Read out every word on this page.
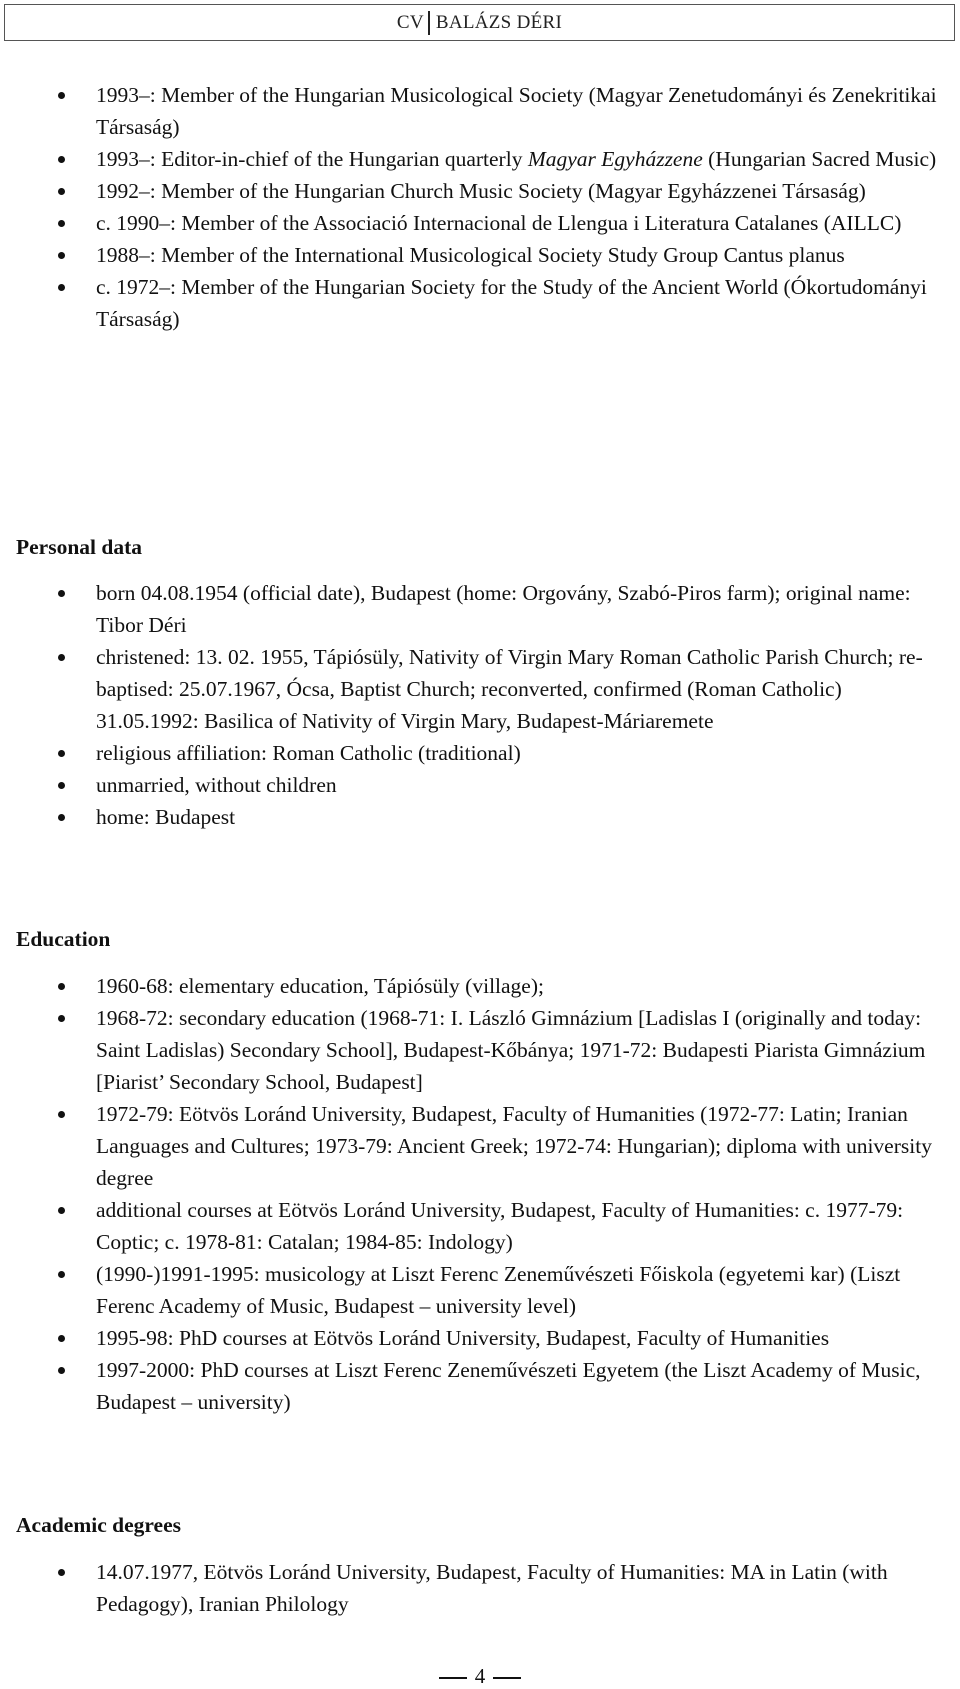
CV BALÁZS DÉRI
1993–: Member of the Hungarian Musicological Society (Magyar Zenetudományi és Zenekritikai Társaság)
1993–: Editor-in-chief of the Hungarian quarterly Magyar Egyházzene (Hungarian Sacred Music)
1992–: Member of the Hungarian Church Music Society (Magyar Egyházzenei Társaság)
c. 1990–: Member of the Associació Internacional de Llengua i Literatura Catalanes (AILLC)
1988–: Member of the International Musicological Society Study Group Cantus planus
c. 1972–: Member of the Hungarian Society for the Study of the Ancient World (Ókortudományi Társaság)
Personal data
born 04.08.1954 (official date), Budapest (home: Orgovány, Szabó-Piros farm); original name: Tibor Déri
christened: 13. 02. 1955, Tápiósüly, Nativity of Virgin Mary Roman Catholic Parish Church; re-baptised: 25.07.1967, Ócsa, Baptist Church; reconverted, confirmed (Roman Catholic) 31.05.1992: Basilica of Nativity of Virgin Mary, Budapest-Máriaremete
religious affiliation: Roman Catholic (traditional)
unmarried, without children
home: Budapest
Education
1960-68: elementary education, Tápiósüly (village);
1968-72: secondary education (1968-71: I. László Gimnázium [Ladislas I (originally and today: Saint Ladislas) Secondary School], Budapest-Kőbánya; 1971-72: Budapesti Piarista Gimnázium [Piarist’ Secondary School, Budapest]
1972-79: Eötvös Loránd University, Budapest, Faculty of Humanities (1972-77: Latin; Iranian Languages and Cultures; 1973-79: Ancient Greek; 1972-74: Hungarian); diploma with university degree
additional courses at Eötvös Loránd University, Budapest, Faculty of Humanities: c. 1977-79: Coptic; c. 1978-81: Catalan; 1984-85: Indology)
(1990-)1991-1995: musicology at Liszt Ferenc Zeneművészeti Főiskola (egyetemi kar) (Liszt Ferenc Academy of Music, Budapest – university level)
1995-98: PhD courses at Eötvös Loránd University, Budapest, Faculty of Humanities
1997-2000: PhD courses at Liszt Ferenc Zeneművészeti Egyetem (the Liszt Academy of Music, Budapest – university)
Academic degrees
14.07.1977, Eötvös Loránd University, Budapest, Faculty of Humanities: MA in Latin (with Pedagogy), Iranian Philology
4
